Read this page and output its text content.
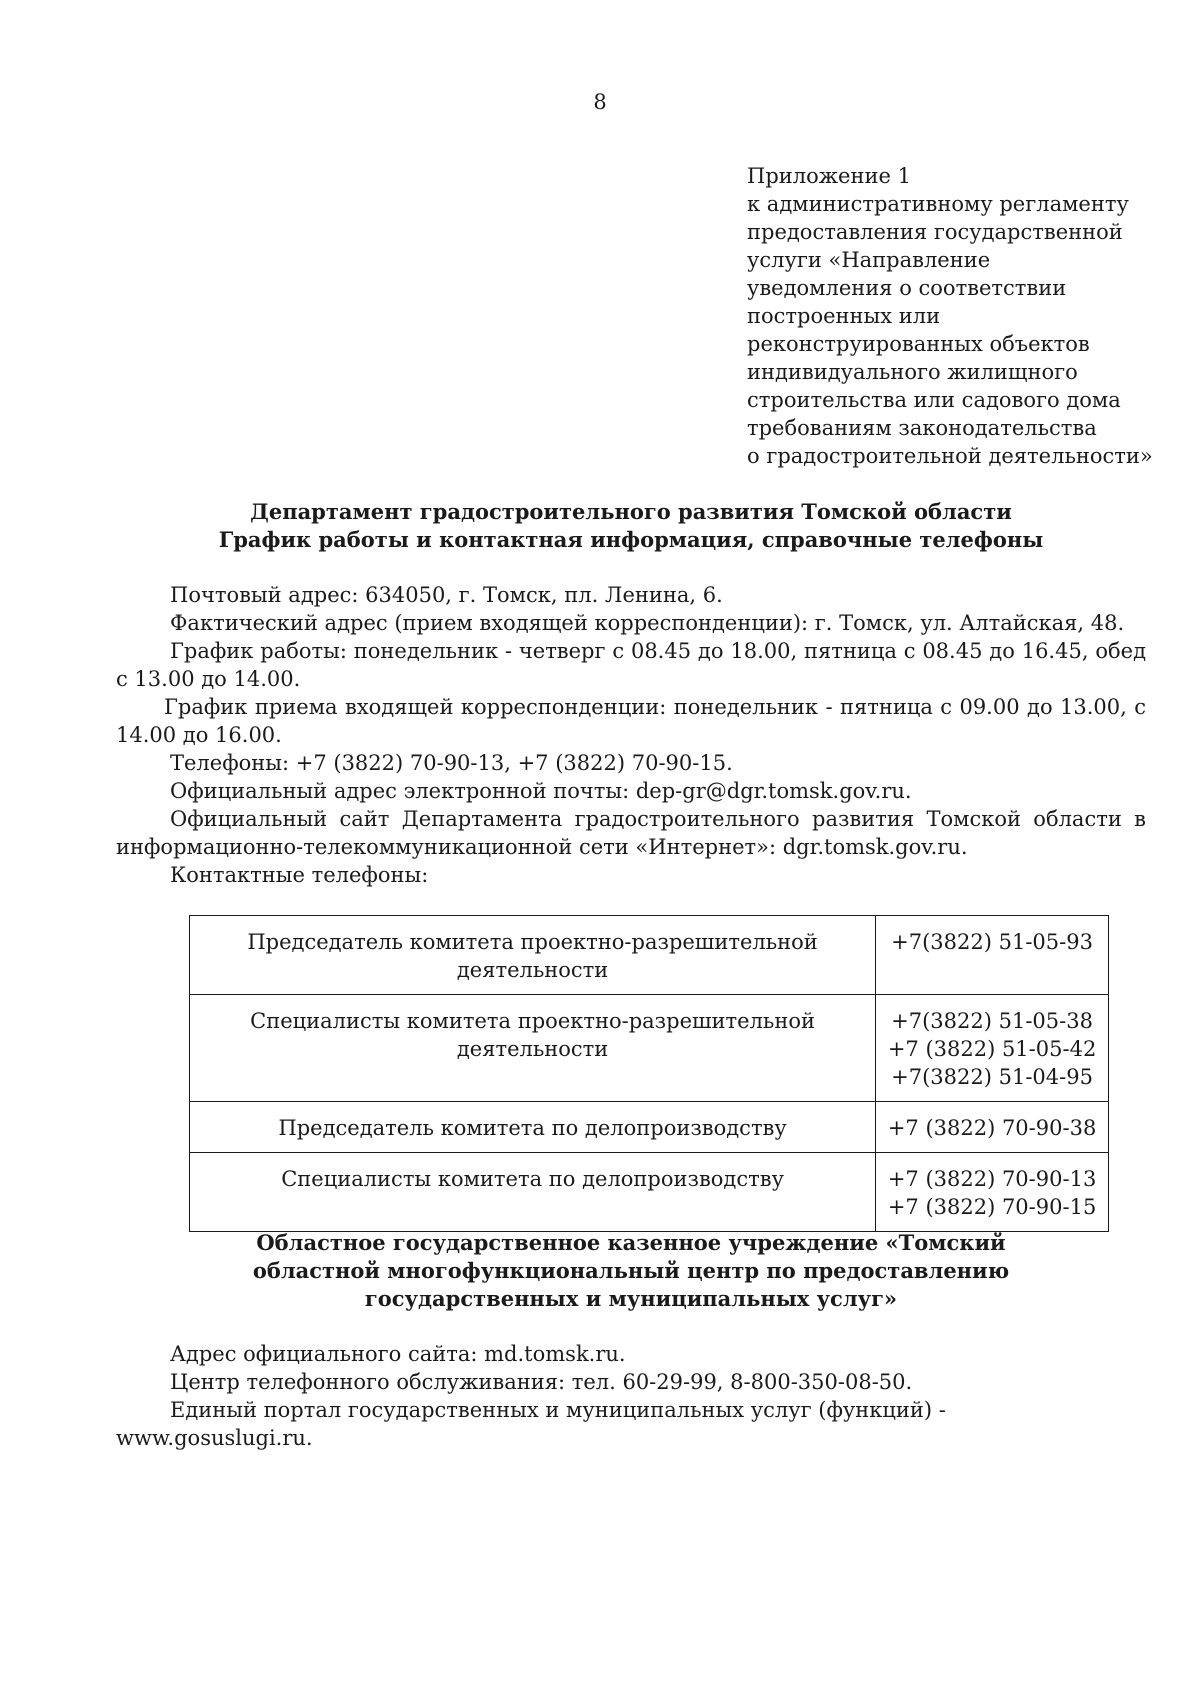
8
Приложение 1
к административному регламенту
предоставления государственной
услуги «Направление
уведомления о соответствии
построенных или
реконструированных объектов
индивидуального жилищного
строительства или садового дома
требованиям законодательства
о градостроительной деятельности»
Департамент градостроительного развития Томской области
График работы и контактная информация, справочные телефоны

Почтовый адрес: 634050, г. Томск, пл. Ленина, 6.

Фактический адрес (прием входящей корреспонденции): г. Томск, ул. Алтайская, 48.

График работы: понедельник - четверг с 08.45 до 18.00, пятница с 08.45 до 16.45, обед с 13.00 до 14.00.

График приема входящей корреспонденции: понедельник - пятница с 09.00 до 13.00, с 14.00 до 16.00.

Телефоны: +7 (3822) 70-90-13, +7 (3822) 70-90-15.

Официальный адрес электронной почты: dep-gr@dgr.tomsk.gov.ru.

Официальный сайт Департамента градостроительного развития Томской области в информационно-телекоммуникационной сети «Интернет»: dgr.tomsk.gov.ru.

Контактные телефоны:

Председатель комитета проектно-разрешительной деятельности	+7(3822) 51-05-93

Специалисты комитета проектно-разрешительной деятельности	+7(3822) 51-05-38
+7 (3822) 51-05-42
+7(3822) 51-04-95

Председатель комитета по делопроизводству	+7 (3822) 70-90-38

Специалисты комитета по делопроизводству	+7 (3822) 70-90-13
+7 (3822) 70-90-15
Областное государственное казенное учреждение «Томский
областной многофункциональный центр по предоставлению
государственных и муниципальных услуг»

Адрес официального сайта: md.tomsk.ru.

Центр телефонного обслуживания: тел. 60-29-99, 8-800-350-08-50.

Единый портал государственных и муниципальных услуг (функций) - www.gosuslugi.ru.
